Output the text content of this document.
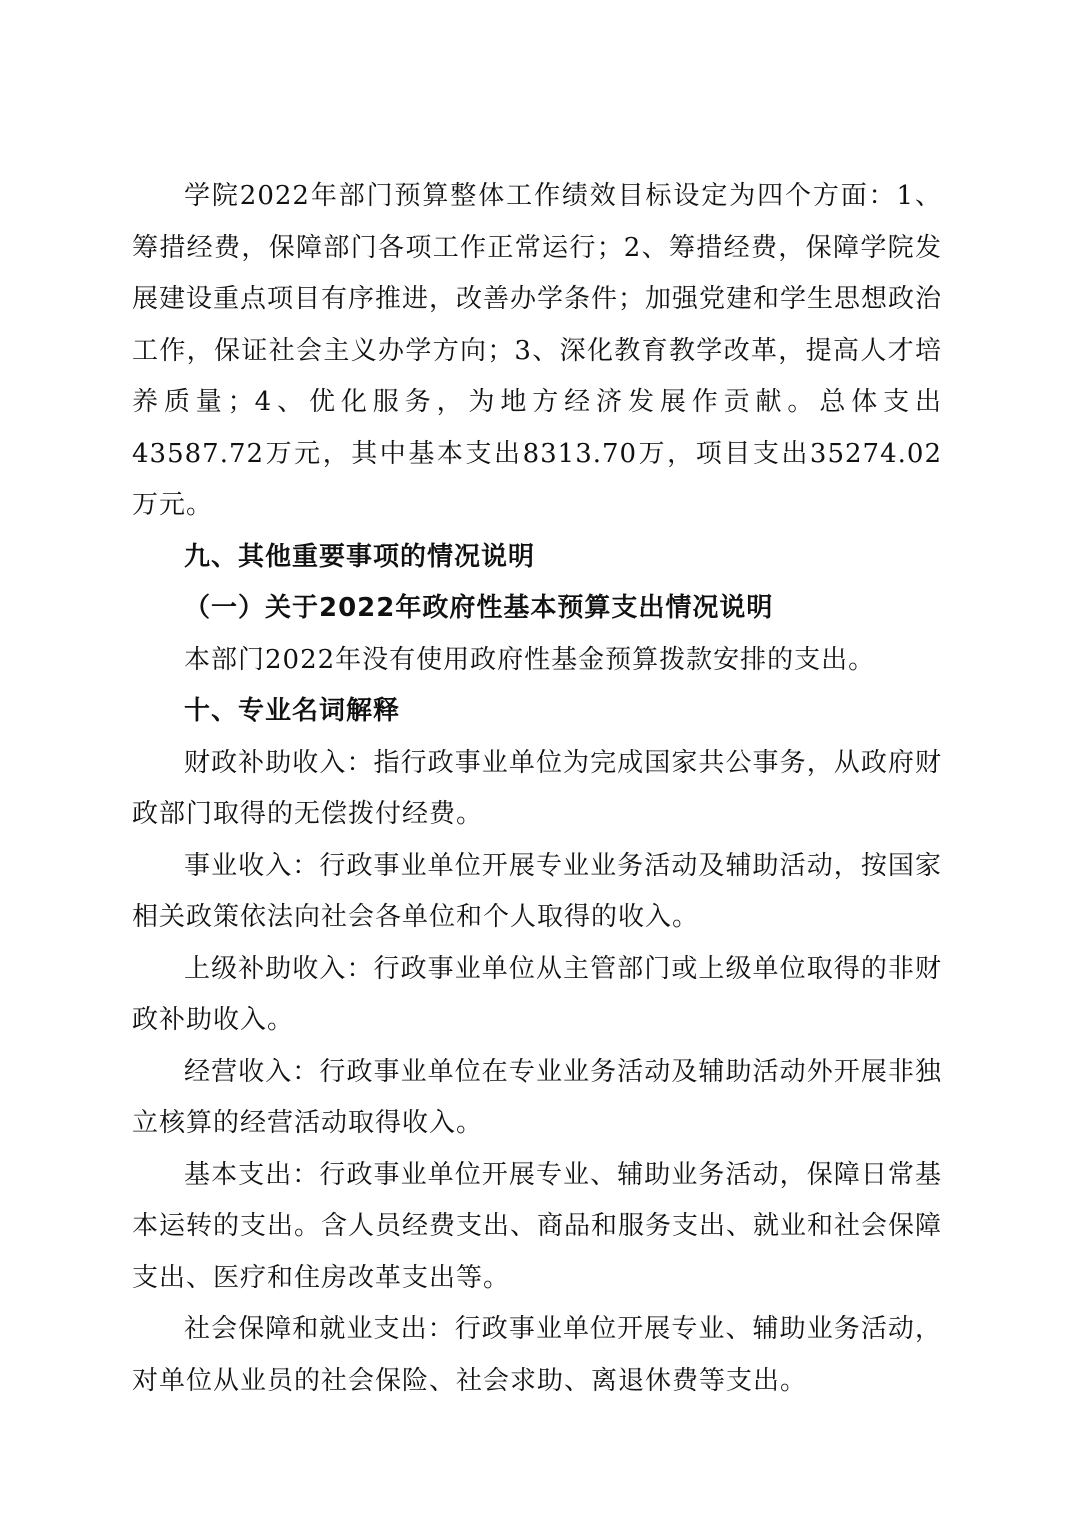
学院2022年部门预算整体工作绩效目标设定为四个方面：1、筹措经费，保障部门各项工作正常运行；2、筹措经费，保障学院发展建设重点项目有序推进，改善办学条件；加强党建和学生思想政治工作，保证社会主义办学方向；3、深化教育教学改革，提高人才培养质量；4、优化服务，为地方经济发展作贡献。总体支出43587.72万元，其中基本支出8313.70万，项目支出35274.02万元。

九、其他重要事项的情况说明
（一）关于2022年政府性基本预算支出情况说明

本部门2022年没有使用政府性基金预算拨款安排的支出。

十、专业名词解释

财政补助收入：指行政事业单位为完成国家共公事务，从政府财政部门取得的无偿拨付经费。

事业收入：行政事业单位开展专业业务活动及辅助活动，按国家相关政策依法向社会各单位和个人取得的收入。

上级补助收入：行政事业单位从主管部门或上级单位取得的非财政补助收入。

经营收入：行政事业单位在专业业务活动及辅助活动外开展非独立核算的经营活动取得收入。

基本支出：行政事业单位开展专业、辅助业务活动，保障日常基本运转的支出。含人员经费支出、商品和服务支出、就业和社会保障支出、医疗和住房改革支出等。

社会保障和就业支出：行政事业单位开展专业、辅助业务活动，对单位从业员的社会保险、社会求助、离退休费等支出。
